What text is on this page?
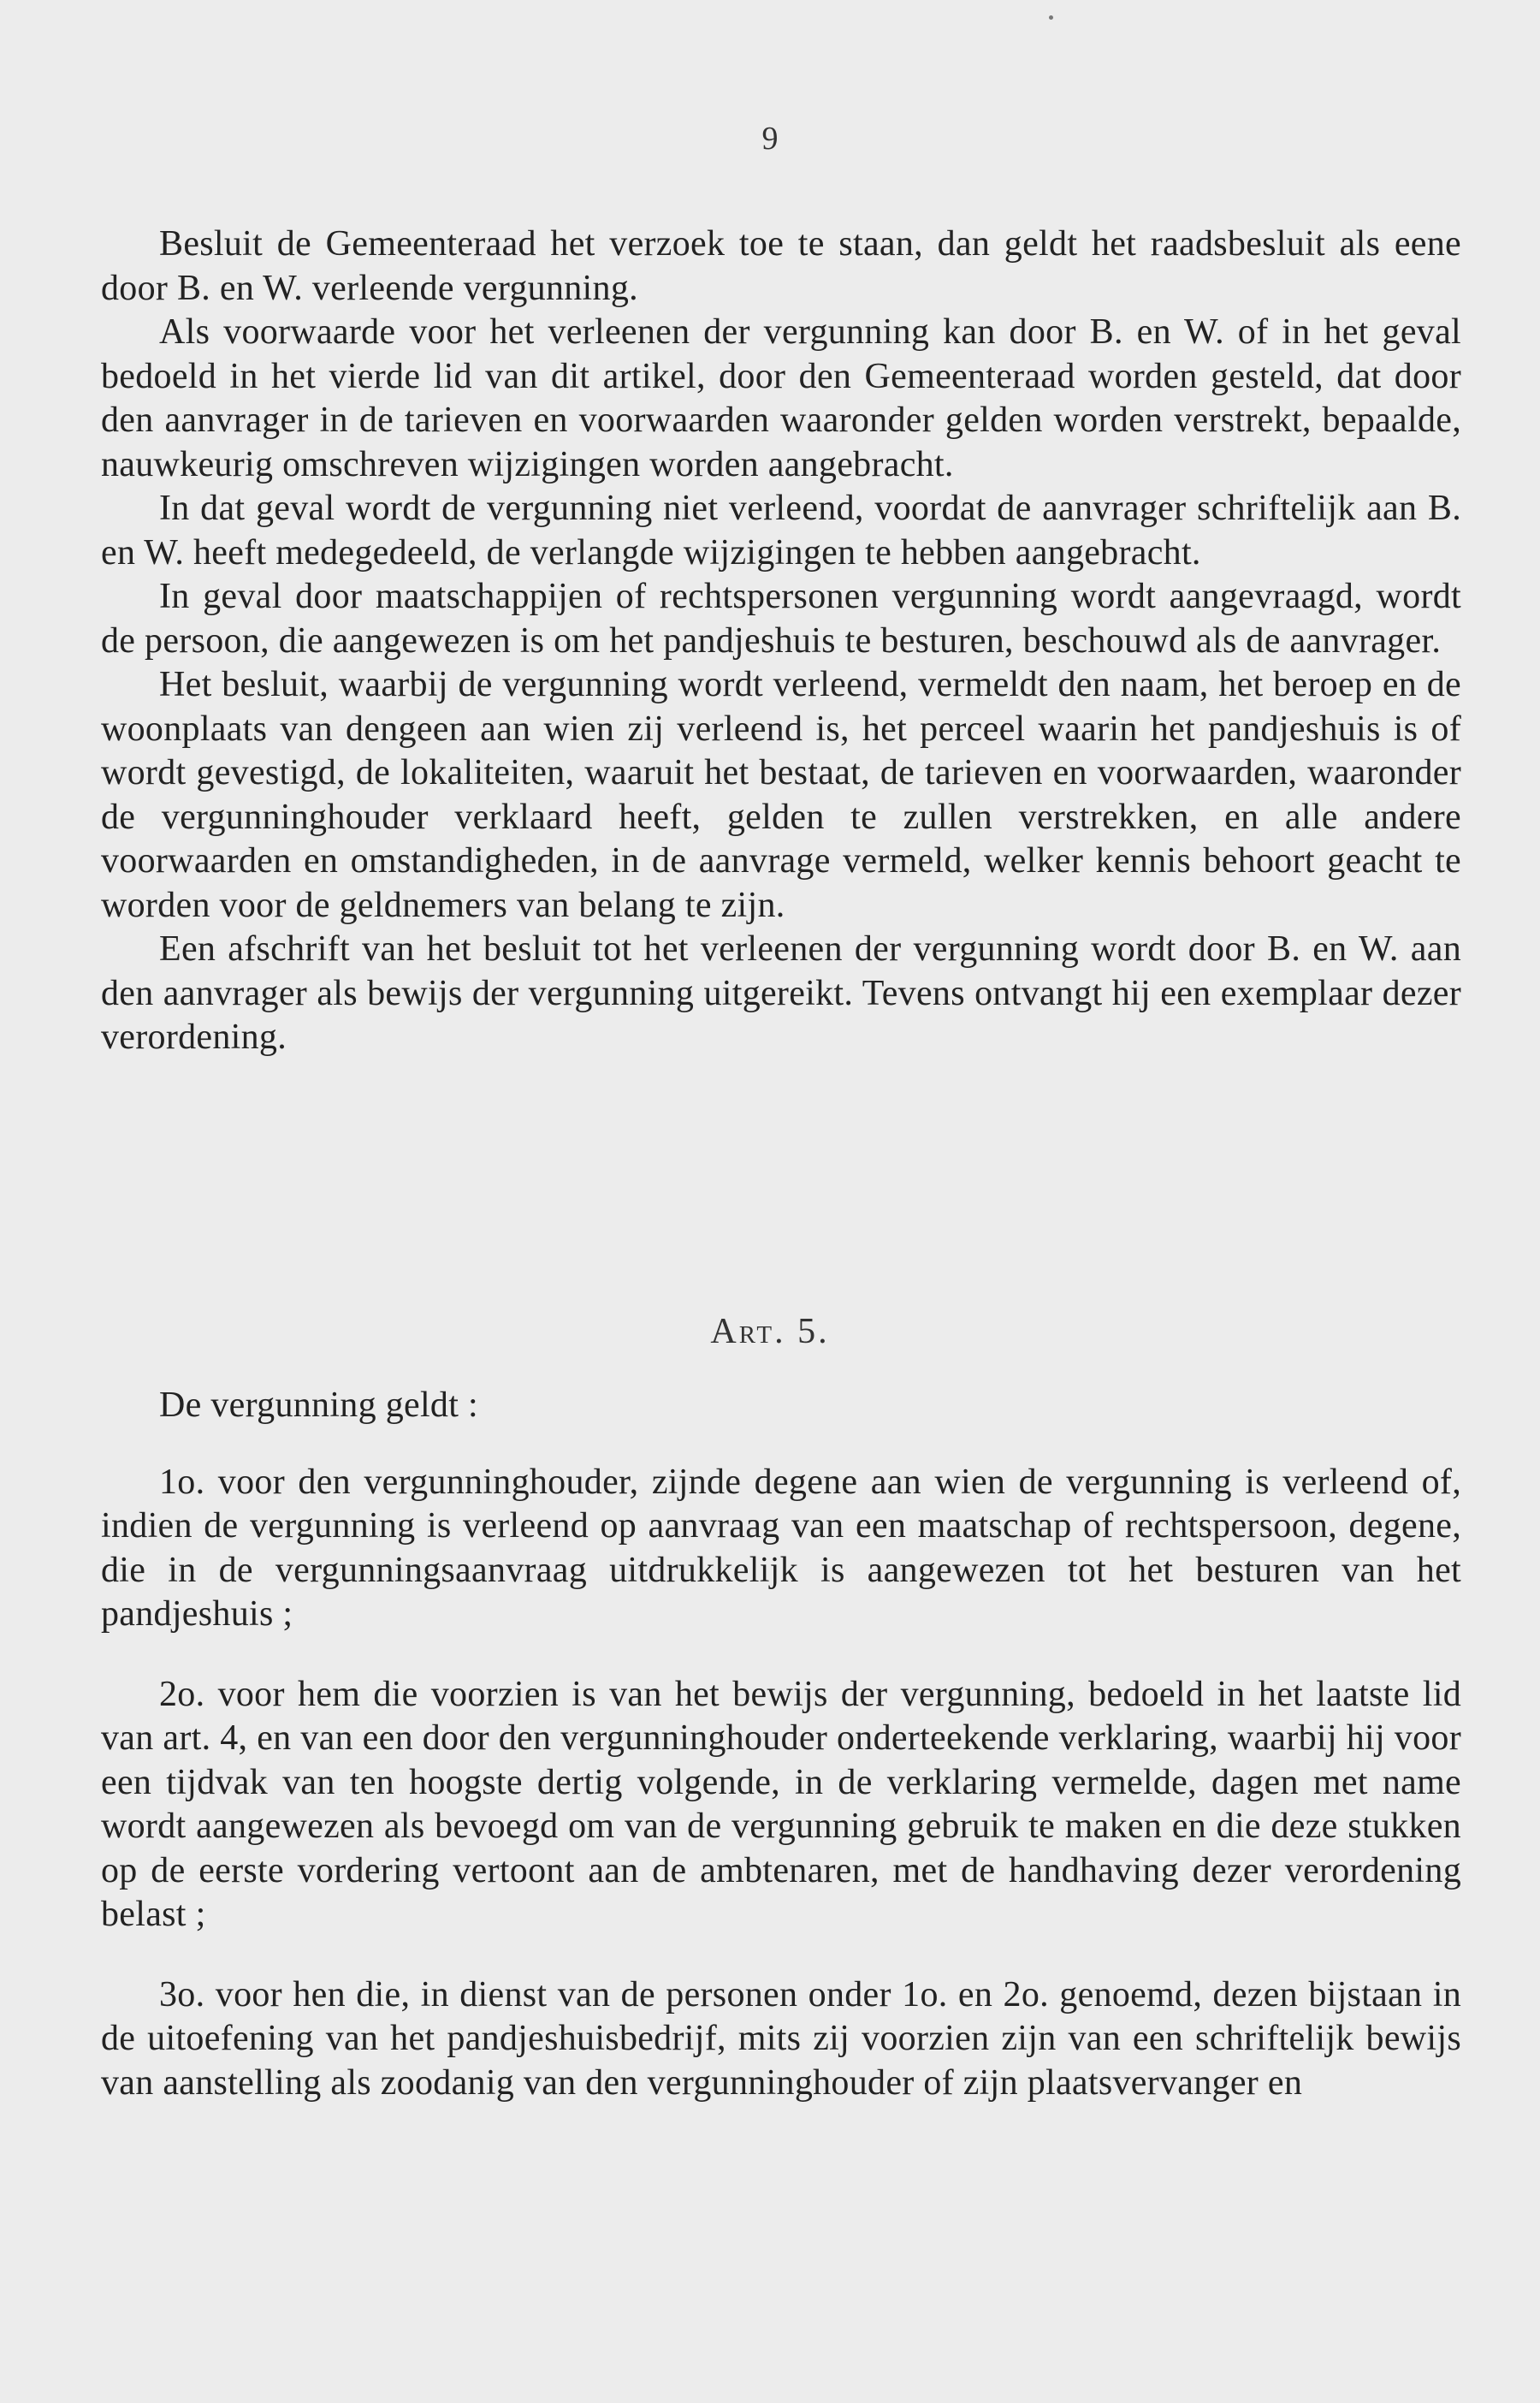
9

Besluit de Gemeenteraad het verzoek toe te staan, dan geldt het raadsbesluit als eene door B. en W. verleende vergunning.

Als voorwaarde voor het verleenen der vergunning kan door B. en W. of in het geval bedoeld in het vierde lid van dit artikel, door den Gemeenteraad worden gesteld, dat door den aanvrager in de tarieven en voorwaarden waaronder gelden worden verstrekt, bepaalde, nauwkeurig omschreven wijzigingen worden aangebracht.

In dat geval wordt de vergunning niet verleend, voordat de aanvrager schriftelijk aan B. en W. heeft medegedeeld, de verlangde wijzigingen te hebben aangebracht.

In geval door maatschappijen of rechtspersonen vergunning wordt aangevraagd, wordt de persoon, die aangewezen is om het pandjeshuis te besturen, beschouwd als de aanvrager.

Het besluit, waarbij de vergunning wordt verleend, vermeldt den naam, het beroep en de woonplaats van dengeen aan wien zij verleend is, het perceel waarin het pandjeshuis is of wordt gevestigd, de lokaliteiten, waaruit het bestaat, de tarieven en voorwaarden, waaronder de vergunninghouder verklaard heeft, gelden te zullen verstrekken, en alle andere voorwaarden en omstandigheden, in de aanvrage vermeld, welker kennis behoort geacht te worden voor de geldnemers van belang te zijn.

Een afschrift van het besluit tot het verleenen der vergunning wordt door B. en W. aan den aanvrager als bewijs der vergunning uitgereikt. Tevens ontvangt hij een exemplaar dezer verordening.

Art. 5.

De vergunning geldt :

1o. voor den vergunninghouder, zijnde degene aan wien de vergunning is verleend of, indien de vergunning is verleend op aanvraag van een maatschap of rechtspersoon, degene, die in de vergunningsaanvraag uitdrukkelijk is aangewezen tot het besturen van het pandjeshuis ;

2o. voor hem die voorzien is van het bewijs der vergunning, bedoeld in het laatste lid van art. 4, en van een door den vergunninghouder onderteekende verklaring, waarbij hij voor een tijdvak van ten hoogste dertig volgende, in de verklaring vermelde, dagen met name wordt aangewezen als bevoegd om van de vergunning gebruik te maken en die deze stukken op de eerste vordering vertoont aan de ambtenaren, met de handhaving dezer verordening belast ;

3o. voor hen die, in dienst van de personen onder 1o. en 2o. genoemd, dezen bijstaan in de uitoefening van het pandjeshuisbedrijf, mits zij voorzien zijn van een schriftelijk bewijs van aanstelling als zoodanig van den vergunninghouder of zijn plaatsvervanger en
